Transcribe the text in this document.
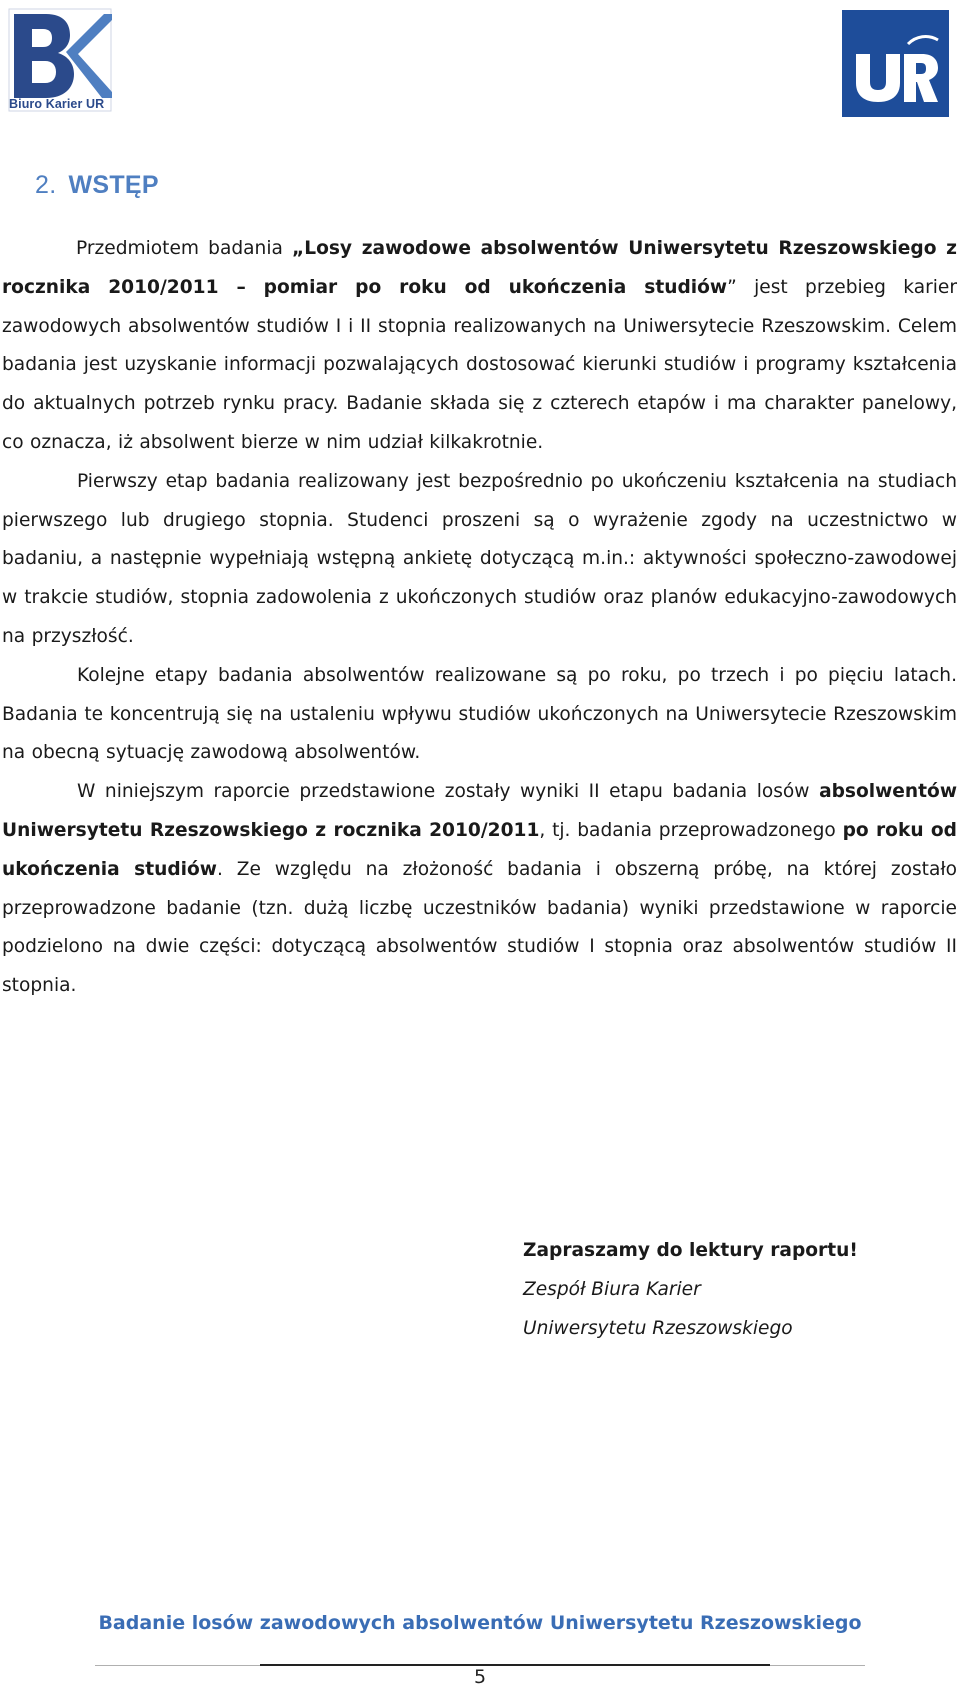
Biuro Karier UR
2. WSTĘP

Przedmiotem badania „Losy zawodowe absolwentów Uniwersytetu Rzeszowskiego z rocznika 2010/2011 – pomiar po roku od ukończenia studiów” jest przebieg karier zawodowych absolwentów studiów I i II stopnia realizowanych na Uniwersytecie Rzeszowskim. Celem badania jest uzyskanie informacji pozwalających dostosować kierunki studiów i programy kształcenia do aktualnych potrzeb rynku pracy. Badanie składa się z czterech etapów i ma charakter panelowy, co oznacza, iż absolwent bierze w nim udział kilkakrotnie.

Pierwszy etap badania realizowany jest bezpośrednio po ukończeniu kształcenia na studiach pierwszego lub drugiego stopnia. Studenci proszeni są o wyrażenie zgody na uczestnictwo w badaniu, a następnie wypełniają wstępną ankietę dotyczącą m.in.: aktywności społeczno-zawodowej w trakcie studiów, stopnia zadowolenia z ukończonych studiów oraz planów edukacyjno-zawodowych na przyszłość.

Kolejne etapy badania absolwentów realizowane są po roku, po trzech i po pięciu latach. Badania te koncentrują się na ustaleniu wpływu studiów ukończonych na Uniwersytecie Rzeszowskim na obecną sytuację zawodową absolwentów.

W niniejszym raporcie przedstawione zostały wyniki II etapu badania losów absolwentów Uniwersytetu Rzeszowskiego z rocznika 2010/2011, tj. badania przeprowadzonego po roku od ukończenia studiów. Ze względu na złożoność badania i obszerną próbę, na której zostało przeprowadzone badanie (tzn. dużą liczbę uczestników badania) wyniki przedstawione w raporcie podzielono na dwie części: dotyczącą absolwentów studiów I stopnia oraz absolwentów studiów II stopnia.

Zapraszamy do lektury raportu!
Zespół Biura Karier
Uniwersytetu Rzeszowskiego
Badanie losów zawodowych absolwentów Uniwersytetu Rzeszowskiego
5
